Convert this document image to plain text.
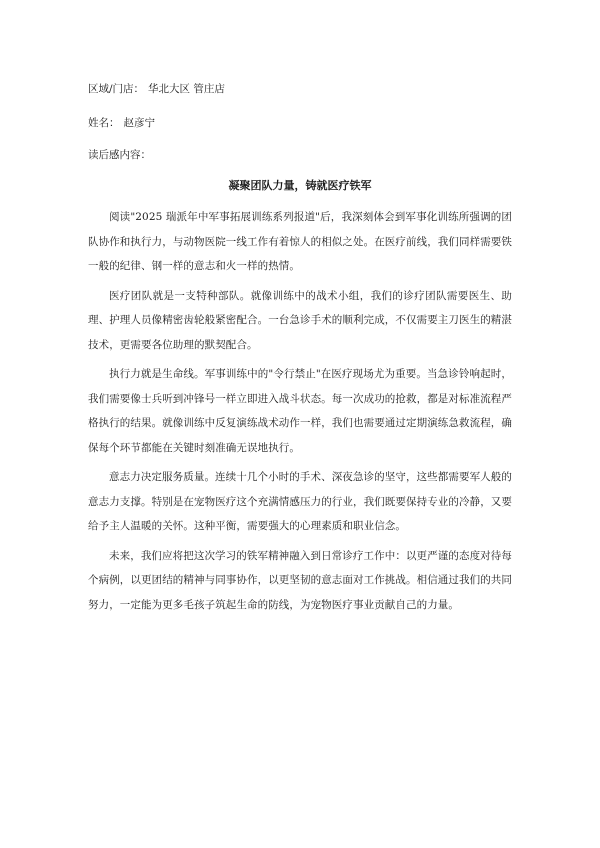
区域/门店： 华北大区 管庄店
姓名： 赵彦宁
读后感内容：
凝聚团队力量，铸就医疗铁军

阅读"2025 瑞派年中军事拓展训练系列报道"后，我深刻体会到军事化训练所强调的团队协作和执行力，与动物医院一线工作有着惊人的相似之处。在医疗前线，我们同样需要铁一般的纪律、钢一样的意志和火一样的热情。

医疗团队就是一支特种部队。就像训练中的战术小组，我们的诊疗团队需要医生、助理、护理人员像精密齿轮般紧密配合。一台急诊手术的顺利完成，不仅需要主刀医生的精湛技术，更需要各位助理的默契配合。

执行力就是生命线。军事训练中的"令行禁止"在医疗现场尤为重要。当急诊铃响起时，我们需要像士兵听到冲锋号一样立即进入战斗状态。每一次成功的抢救，都是对标准流程严格执行的结果。就像训练中反复演练战术动作一样，我们也需要通过定期演练急救流程，确保每个环节都能在关键时刻准确无误地执行。

意志力决定服务质量。连续十几个小时的手术、深夜急诊的坚守，这些都需要军人般的意志力支撑。特别是在宠物医疗这个充满情感压力的行业，我们既要保持专业的冷静，又要给予主人温暖的关怀。这种平衡，需要强大的心理素质和职业信念。

未来，我们应将把这次学习的铁军精神融入到日常诊疗工作中：以更严谨的态度对待每个病例，以更团结的精神与同事协作，以更坚韧的意志面对工作挑战。相信通过我们的共同努力，一定能为更多毛孩子筑起生命的防线，为宠物医疗事业贡献自己的力量。
